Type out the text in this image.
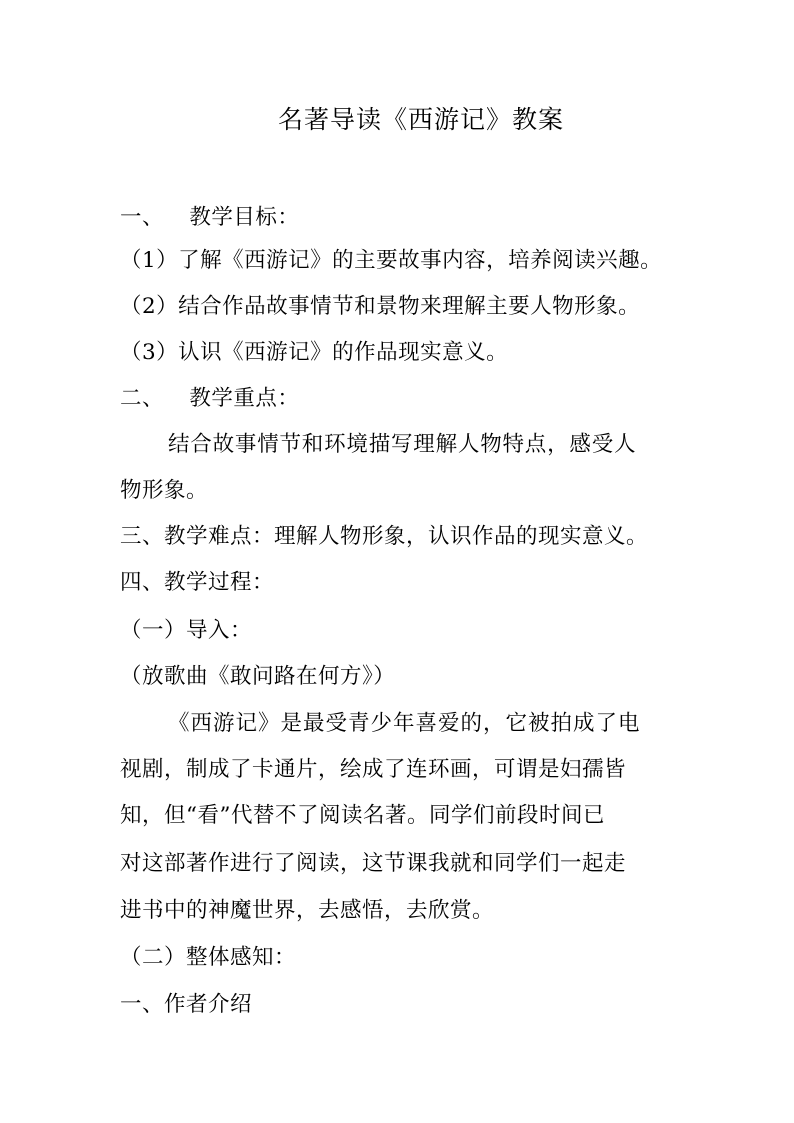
名著导读《西游记》教案
一、 教学目标：
（1）了解《西游记》的主要故事内容，培养阅读兴趣。
（2）结合作品故事情节和景物来理解主要人物形象。
（3）认识《西游记》的作品现实意义。
二、 教学重点：
结合故事情节和环境描写理解人物特点，感受人
物形象。
三、教学难点：理解人物形象，认识作品的现实意义。
四、教学过程：
（一）导入：
（放歌曲《敢问路在何方》）
《西游记》是最受青少年喜爱的，它被拍成了电
视剧，制成了卡通片，绘成了连环画，可谓是妇孺皆
知，但“看”代替不了阅读名著。同学们前段时间已
对这部著作进行了阅读，这节课我就和同学们一起走
进书中的神魔世界，去感悟，去欣赏。
（二）整体感知：
一、作者介绍
